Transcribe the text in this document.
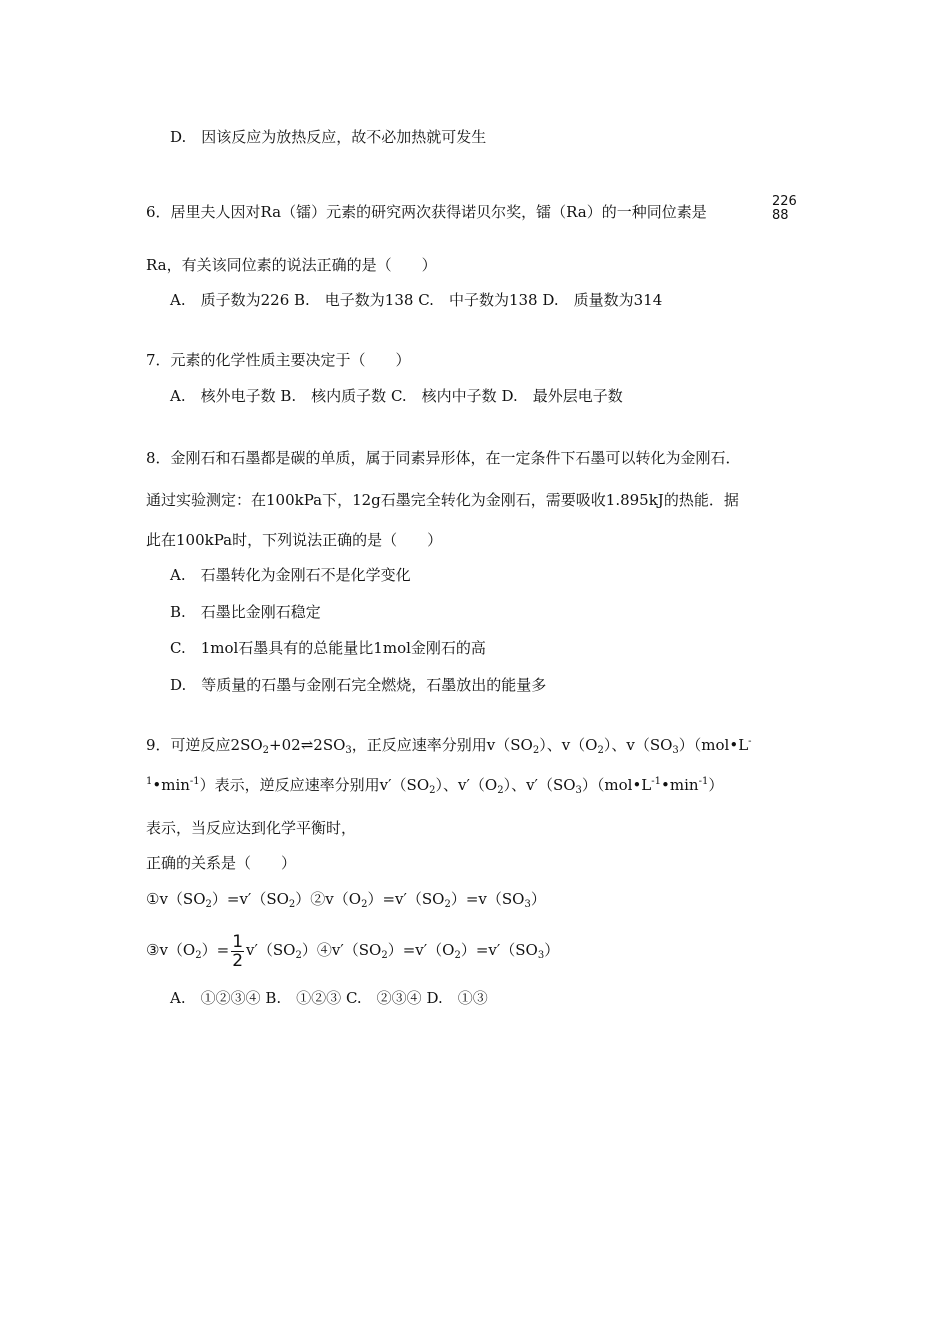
D.　因该反应为放热反应，故不必加热就可发生
6．居里夫人因对Ra（镭）元素的研究两次获得诺贝尔奖，镭（Ra）的一种同位素是
226
88
Ra，有关该同位素的说法正确的是（　　）
A.　质子数为226 B.　电子数为138 C.　中子数为138 D.　质量数为314
7．元素的化学性质主要决定于（　　）
A.　核外电子数 B.　核内质子数 C.　核内中子数 D.　最外层电子数
8．金刚石和石墨都是碳的单质，属于同素异形体，在一定条件下石墨可以转化为金刚石．
通过实验测定：在100kPa下，12g石墨完全转化为金刚石，需要吸收1.895kJ的热能．据
此在100kPa时，下列说法正确的是（　　）
A.　石墨转化为金刚石不是化学变化
B.　石墨比金刚石稳定
C.　1mol石墨具有的总能量比1mol金刚石的高
D.　等质量的石墨与金刚石完全燃烧，石墨放出的能量多
9．可逆反应$2SO_2+02\rightleftharpoons 2SO_3$，正反应速率分别用$v(SO_2)$、$v(O_2)$、$v(SO_3)(mol•L^-$
$^1•\min^{-1}$）表示，逆反应速率分别用$v'(SO_2)$、$v'(O_2)$、$v'(SO_3)(mol•L^{-1}•\min^{-1})$
表示，当反应达到化学平衡时，
正确的关系是（　　）
$①v(SO_2)=v'(SO_2)②v(O_2)=v'(SO_2)=v(SO_3)$
$③v(O_2)= \frac{1}{2}$ $v'(SO_2)④v'(SO_2)=v'(O_2)=v'(SO_3)$
A.　①②③④ B.　①②③ C.　②③④ D.　①③
